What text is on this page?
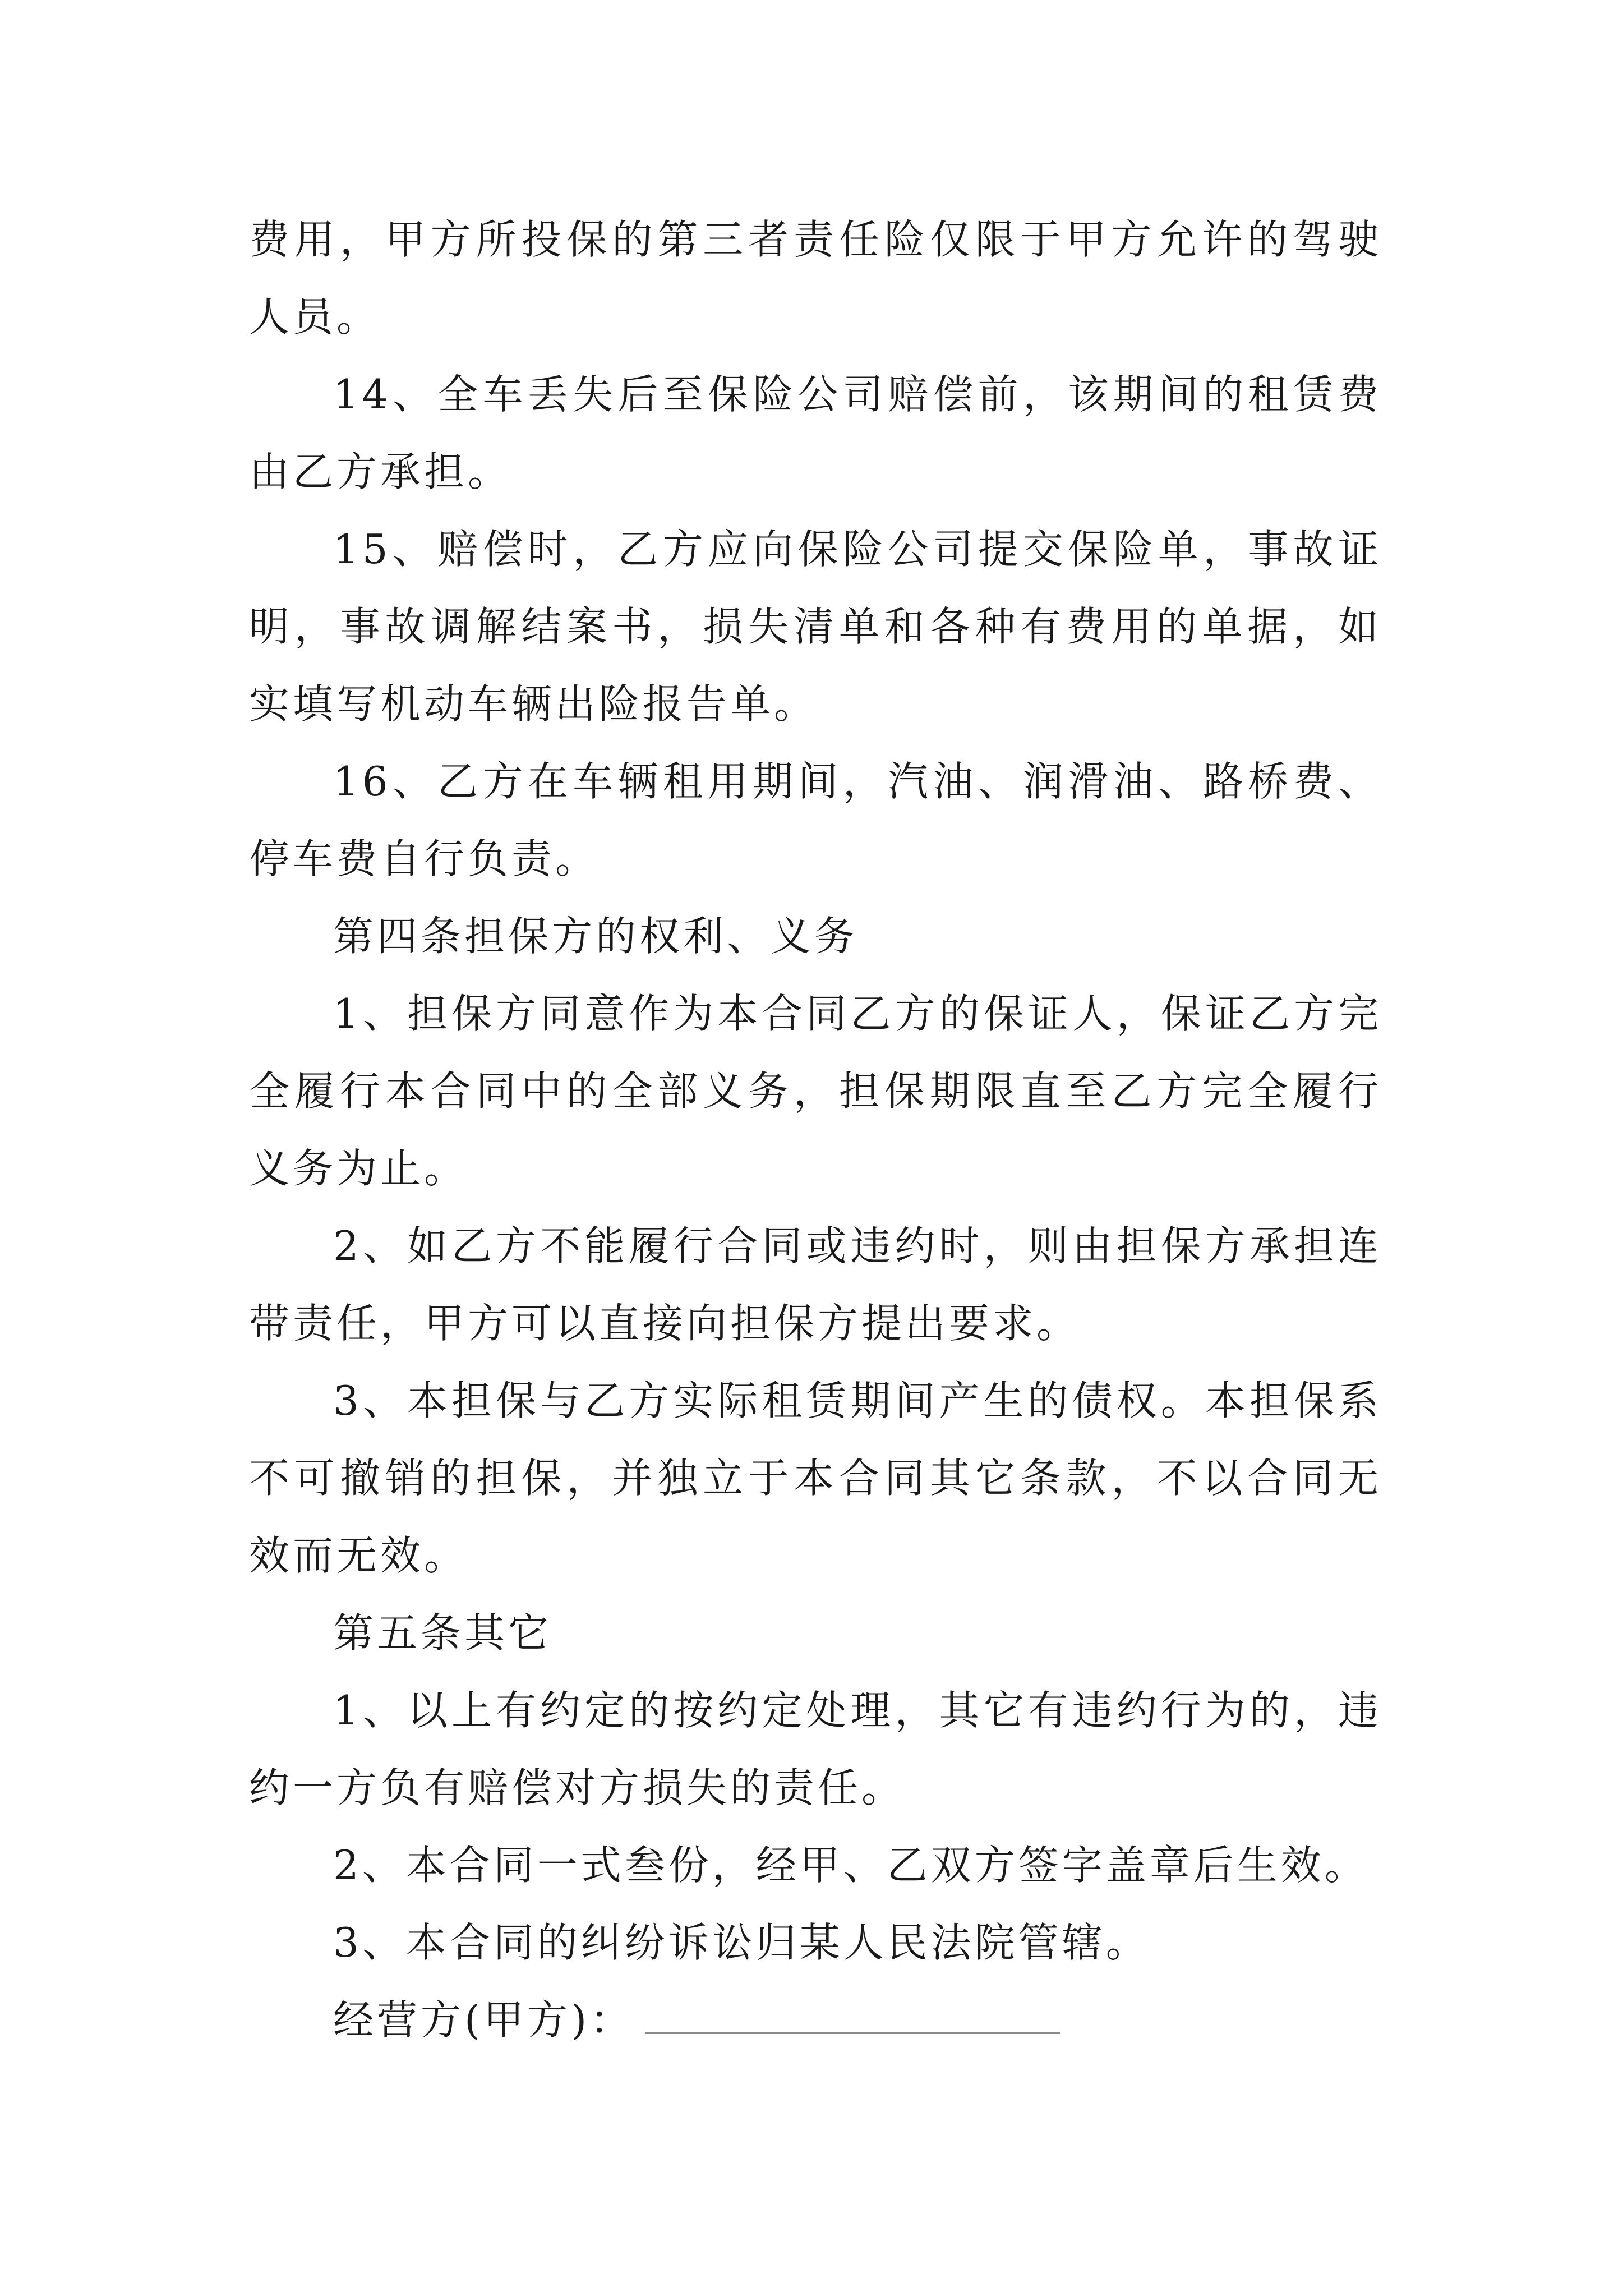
费用，甲方所投保的第三者责任险仅限于甲方允许的驾驶人员。

14、全车丢失后至保险公司赔偿前，该期间的租赁费由乙方承担。

15、赔偿时，乙方应向保险公司提交保险单，事故证明，事故调解结案书，损失清单和各种有费用的单据，如实填写机动车辆出险报告单。

16、乙方在车辆租用期间，汽油、润滑油、路桥费、停车费自行负责。

第四条担保方的权利、义务

1、担保方同意作为本合同乙方的保证人，保证乙方完全履行本合同中的全部义务，担保期限直至乙方完全履行义务为止。

2、如乙方不能履行合同或违约时，则由担保方承担连带责任，甲方可以直接向担保方提出要求。

3、本担保与乙方实际租赁期间产生的债权。本担保系不可撤销的担保，并独立于本合同其它条款，不以合同无效而无效。

第五条其它

1、以上有约定的按约定处理，其它有违约行为的，违约一方负有赔偿对方损失的责任。

2、本合同一式叁份，经甲、乙双方签字盖章后生效。

3、本合同的纠纷诉讼归某人民法院管辖。

经营方(甲方)：
